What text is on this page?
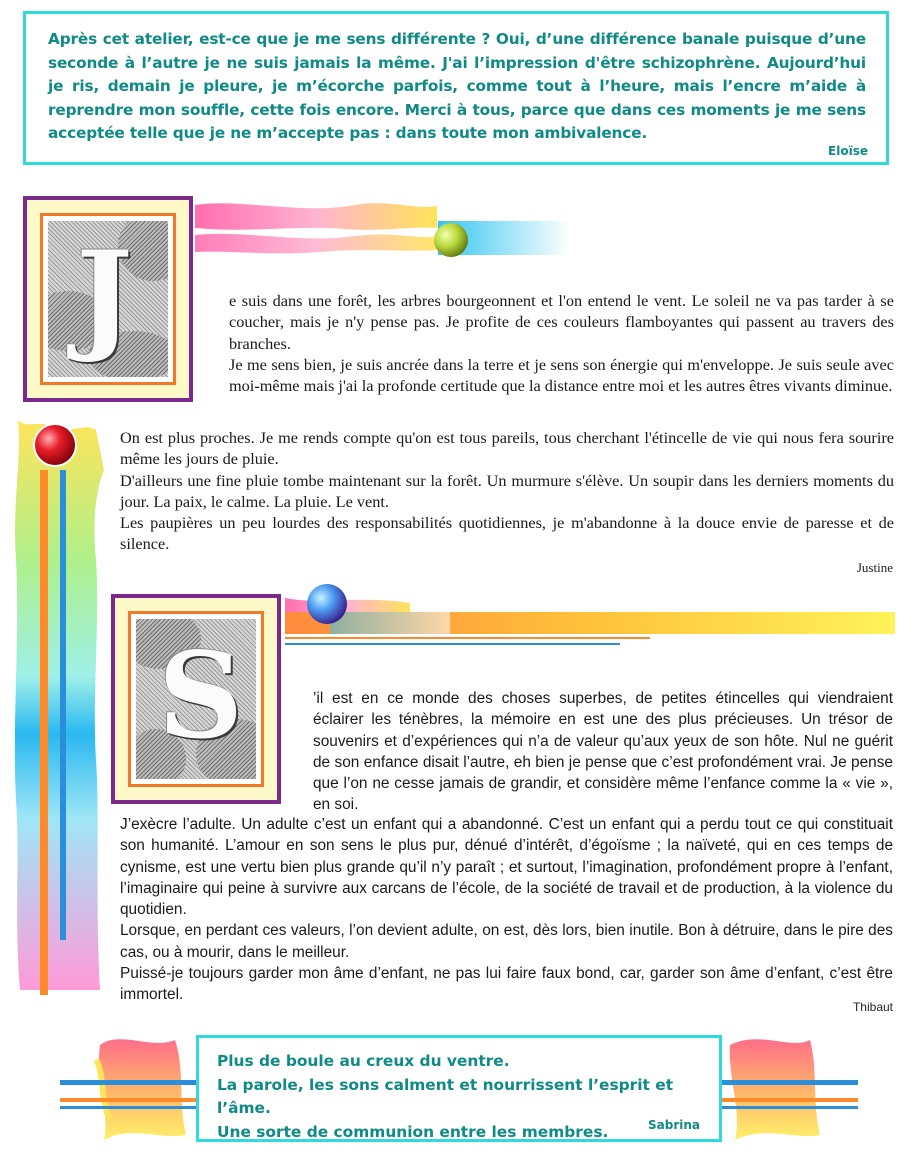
Après cet atelier, est-ce que je me sens différente ? Oui, d’une différence banale puisque d’une seconde à l’autre je ne suis jamais la même. J'ai l’impression d'être schizophrène. Aujourd’hui je ris, demain je pleure, je m’écorche parfois, comme tout à l’heure, mais l’encre m’aide à reprendre mon souffle, cette fois encore. Merci à tous, parce que dans ces moments je me sens acceptée telle que je ne m’accepte pas : dans toute mon ambivalence.

Eloïse
J	e suis dans une forêt, les arbres bourgeonnent et l'on entend le vent. Le soleil ne va pas tarder à se coucher, mais je n'y pense pas. Je profite de ces couleurs flamboyantes qui passent au travers des branches.

Je me sens bien, je suis ancrée dans la terre et je sens son énergie qui m'enveloppe. Je suis seule avec moi-même mais j'ai la profonde certitude que la distance entre moi et les autres êtres vivants diminue.

On est plus proches. Je me rends compte qu'on est tous pareils, tous cherchant l'étincelle de vie qui nous fera sourire même les jours de pluie.

D'ailleurs une fine pluie tombe maintenant sur la forêt. Un murmure s'élève. Un soupir dans les derniers moments du jour. La paix, le calme. La pluie. Le vent.

Les paupières un peu lourdes des responsabilités quotidiennes, je m'abandonne à la douce envie de paresse et de silence.

Justine
S	’il est en ce monde des choses superbes, de petites étincelles qui viendraient éclairer les ténèbres, la mémoire en est une des plus précieuses. Un trésor de souvenirs et d’expériences qui n’a de valeur qu’aux yeux de son hôte. Nul ne guérit de son enfance disait l’autre, eh bien je pense que c’est profondément vrai. Je pense que l’on ne cesse jamais de grandir, et considère même l’enfance comme la « vie », en soi.

J’exècre l’adulte. Un adulte c’est un enfant qui a abandonné. C’est un enfant qui a perdu tout ce qui constituait son humanité. L’amour en son sens le plus pur, dénué d’intérêt, d’égoïsme ; la naïveté, qui en ces temps de cynisme, est une vertu bien plus grande qu’il n’y paraît ; et surtout, l’imagination, profondément propre à l’enfant, l’imaginaire qui peine à survivre aux carcans de l’école, de la société de travail et de production, à la violence du quotidien.

Lorsque, en perdant ces valeurs, l’on devient adulte, on est, dès lors, bien inutile. Bon à détruire, dans le pire des cas, ou à mourir, dans le meilleur.

Puissé-je toujours garder mon âme d’enfant, ne pas lui faire faux bond, car, garder son âme d’enfant, c’est être immortel.

Thibaut

Plus de boule au creux du ventre.

La parole, les sons calment et nourrissent l’esprit et l’âme.

Une sorte de communion entre les membres.	Sabrina
